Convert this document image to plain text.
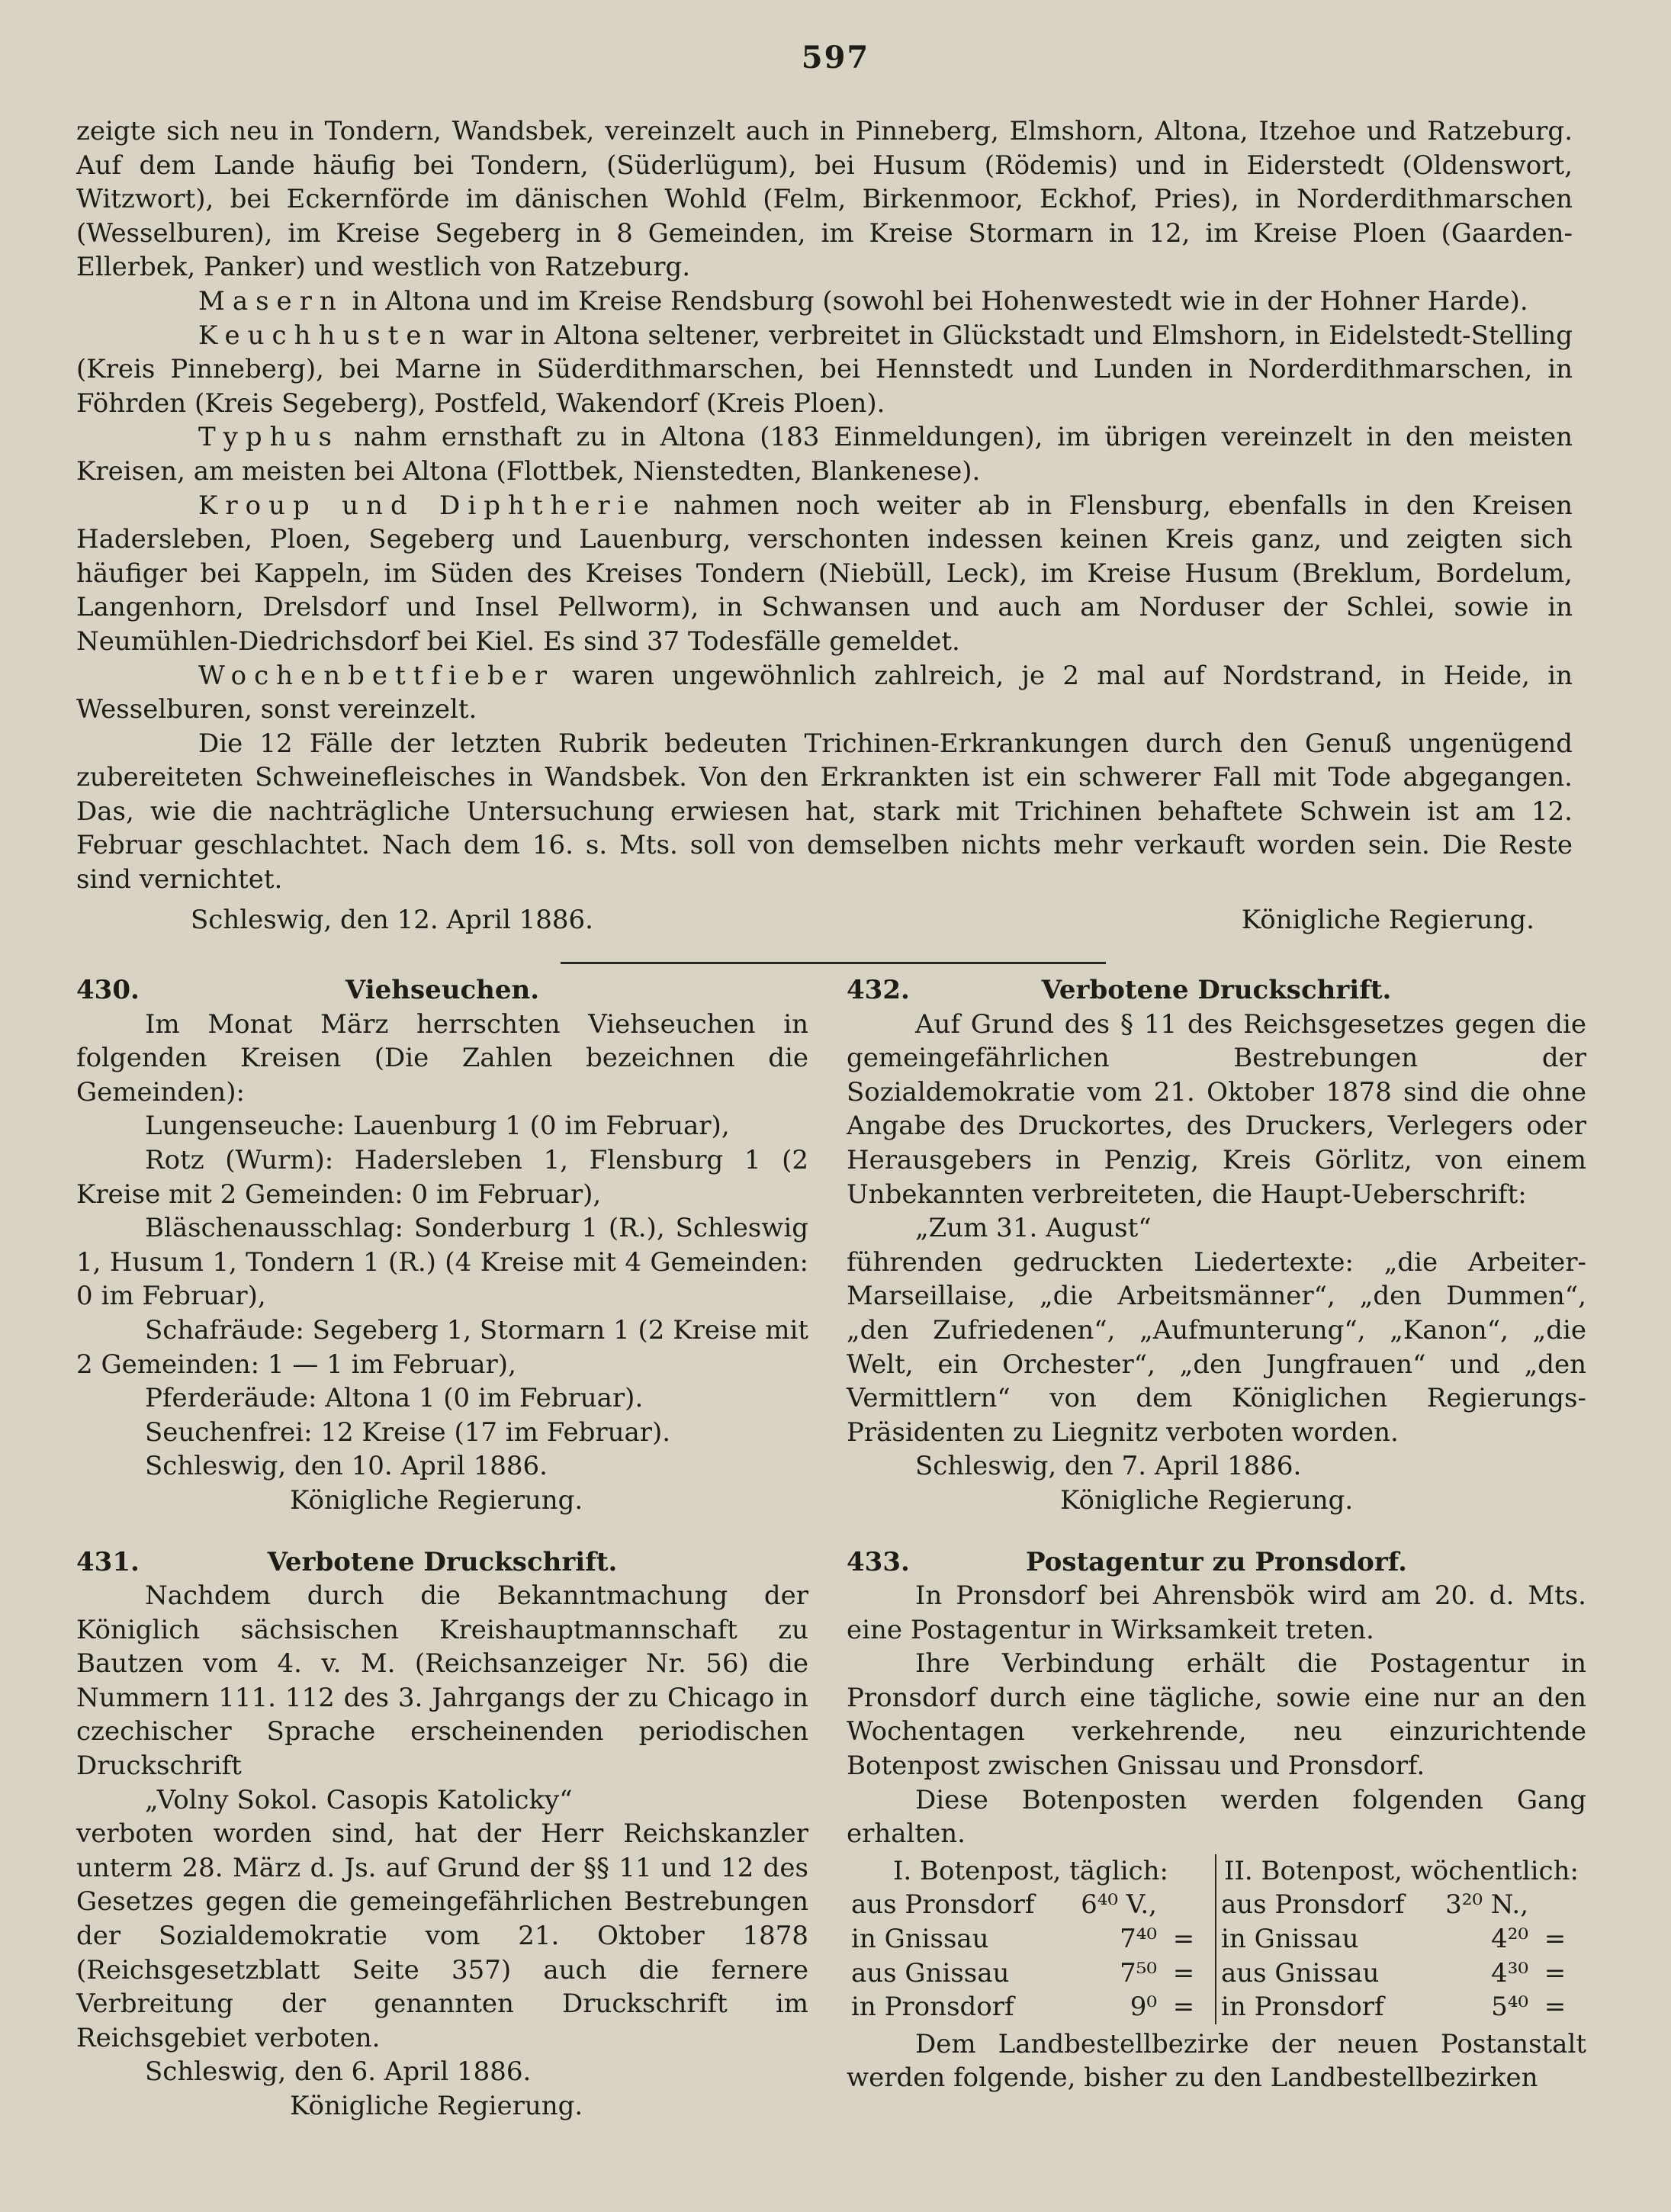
597

zeigte sich neu in Tondern, Wandsbek, vereinzelt auch in Pinneberg, Elmshorn, Altona, Itzehoe und Ratzeburg. Auf dem Lande häufig bei Tondern, (Süderlügum), bei Husum (Rödemis) und in Eiderstedt (Oldenswort, Witzwort), bei Eckernförde im dänischen Wohld (Felm, Birkenmoor, Eckhof, Pries), in Norderdithmarschen (Wesselburen), im Kreise Segeberg in 8 Gemeinden, im Kreise Stormarn in 12, im Kreise Ploen (Gaarden-Ellerbek, Panker) und westlich von Ratzeburg.

Masern in Altona und im Kreise Rendsburg (sowohl bei Hohenwestedt wie in der Hohner Harde).

Keuchhusten war in Altona seltener, verbreitet in Glückstadt und Elmshorn, in Eidelstedt-Stelling (Kreis Pinneberg), bei Marne in Süderdithmarschen, bei Hennstedt und Lunden in Norderdithmarschen, in Föhrden (Kreis Segeberg), Postfeld, Wakendorf (Kreis Ploen).

Typhus nahm ernsthaft zu in Altona (183 Einmeldungen), im übrigen vereinzelt in den meisten Kreisen, am meisten bei Altona (Flottbek, Nienstedten, Blankenese).

Kroup und Diphtherie nahmen noch weiter ab in Flensburg, ebenfalls in den Kreisen Hadersleben, Ploen, Segeberg und Lauenburg, verschonten indessen keinen Kreis ganz, und zeigten sich häufiger bei Kappeln, im Süden des Kreises Tondern (Niebüll, Leck), im Kreise Husum (Breklum, Bordelum, Langenhorn, Drelsdorf und Insel Pellworm), in Schwansen und auch am Norduser der Schlei, sowie in Neumühlen-Diedrichsdorf bei Kiel. Es sind 37 Todesfälle gemeldet.

Wochenbettfieber waren ungewöhnlich zahlreich, je 2 mal auf Nordstrand, in Heide, in Wesselburen, sonst vereinzelt.

Die 12 Fälle der letzten Rubrik bedeuten Trichinen-Erkrankungen durch den Genuß ungenügend zubereiteten Schweinefleisches in Wandsbek. Von den Erkrankten ist ein schwerer Fall mit Tode abgegangen. Das, wie die nachträgliche Untersuchung erwiesen hat, stark mit Trichinen behaftete Schwein ist am 12. Februar geschlachtet. Nach dem 16. s. Mts. soll von demselben nichts mehr verkauft worden sein. Die Reste sind vernichtet.

Schleswig, den 12. April 1886.	Königliche Regierung.
430.	Viehseuchen.

Im Monat März herrschten Viehseuchen in folgenden Kreisen (Die Zahlen bezeichnen die Gemeinden):

Lungenseuche: Lauenburg 1 (0 im Februar),

Rotz (Wurm): Hadersleben 1, Flensburg 1 (2 Kreise mit 2 Gemeinden: 0 im Februar),

Bläschenausschlag: Sonderburg 1 (R.), Schleswig 1, Husum 1, Tondern 1 (R.) (4 Kreise mit 4 Gemeinden: 0 im Februar),

Schafräude: Segeberg 1, Stormarn 1 (2 Kreise mit 2 Gemeinden: 1 — 1 im Februar),

Pferderäude: Altona 1 (0 im Februar).

Seuchenfrei: 12 Kreise (17 im Februar).

Schleswig, den 10. April 1886.

Königliche Regierung.

431.	Verbotene Druckschrift.

Nachdem durch die Bekanntmachung der Königlich sächsischen Kreishauptmannschaft zu Bautzen vom 4. v. M. (Reichsanzeiger Nr. 56) die Nummern 111. 112 des 3. Jahrgangs der zu Chicago in czechischer Sprache erscheinenden periodischen Druckschrift

„Volny Sokol. Casopis Katolicky“

verboten worden sind, hat der Herr Reichskanzler unterm 28. März d. Js. auf Grund der §§ 11 und 12 des Gesetzes gegen die gemeingefährlichen Bestrebungen der Sozialdemokratie vom 21. Oktober 1878 (Reichsgesetzblatt Seite 357) auch die fernere Verbreitung der genannten Druckschrift im Reichsgebiet verboten.

Schleswig, den 6. April 1886.

Königliche Regierung.

432.	Verbotene Druckschrift.

Auf Grund des § 11 des Reichsgesetzes gegen die gemeingefährlichen Bestrebungen der Sozialdemokratie vom 21. Oktober 1878 sind die ohne Angabe des Druckortes, des Druckers, Verlegers oder Herausgebers in Penzig, Kreis Görlitz, von einem Unbekannten verbreiteten, die Haupt-Ueberschrift:

„Zum 31. August“

führenden gedruckten Liedertexte: „die Arbeiter-Marseillaise, „die Arbeitsmänner“, „den Dummen“, „den Zufriedenen“, „Aufmunterung“, „Kanon“, „die Welt, ein Orchester“, „den Jungfrauen“ und „den Vermittlern“ von dem Königlichen Regierungs-Präsidenten zu Liegnitz verboten worden.

Schleswig, den 7. April 1886.

Königliche Regierung.

433.	Postagentur zu Pronsdorf.

In Pronsdorf bei Ahrensbök wird am 20. d. Mts. eine Postagentur in Wirksamkeit treten.

Ihre Verbindung erhält die Postagentur in Pronsdorf durch eine tägliche, sowie eine nur an den Wochentagen verkehrende, neu einzurichtende Botenpost zwischen Gnissau und Pronsdorf.

Diese Botenposten werden folgenden Gang erhalten.

I. Botenpost, täglich:
aus Pronsdorf	6⁴⁰ V.,
in Gnissau	7⁴⁰ =
aus Gnissau	7⁵⁰ =
in Pronsdorf	9⁰ =
II. Botenpost, wöchentlich:
aus Pronsdorf	3²⁰ N.,
in Gnissau	4²⁰ =
aus Gnissau	4³⁰ =
in Pronsdorf	5⁴⁰ =

Dem Landbestellbezirke der neuen Postanstalt werden folgende, bisher zu den Landbestellbezirken
